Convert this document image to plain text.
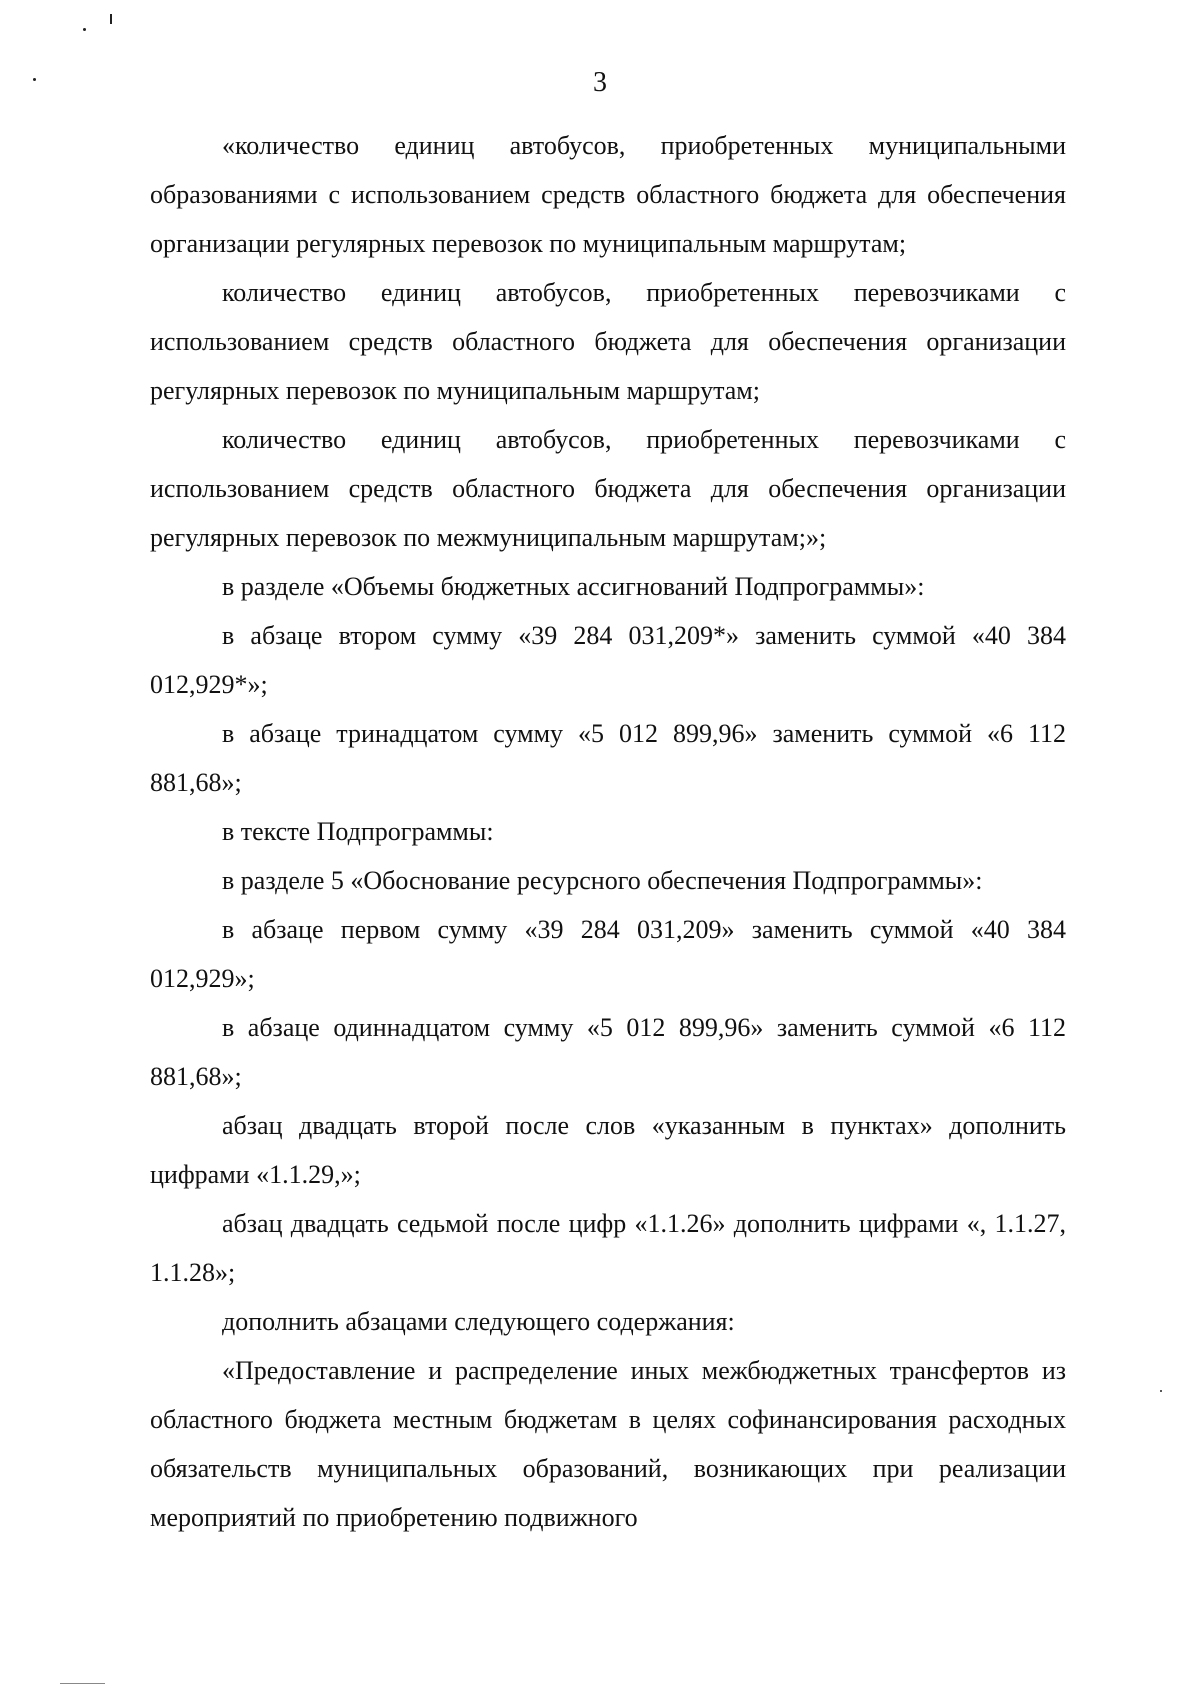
3

«количество единиц автобусов, приобретенных муниципальными образованиями с использованием средств областного бюджета для обеспечения организации регулярных перевозок по муниципальным маршрутам;

количество единиц автобусов, приобретенных перевозчиками с использованием средств областного бюджета для обеспечения организации регулярных перевозок по муниципальным маршрутам;

количество единиц автобусов, приобретенных перевозчиками с использованием средств областного бюджета для обеспечения организации регулярных перевозок по межмуниципальным маршрутам;»;

в разделе «Объемы бюджетных ассигнований Подпрограммы»:

в абзаце втором сумму «39 284 031,209*» заменить суммой «40 384 012,929*»;

в абзаце тринадцатом сумму «5 012 899,96» заменить суммой «6 112 881,68»;

в тексте Подпрограммы:

в разделе 5 «Обоснование ресурсного обеспечения Подпрограммы»:

в абзаце первом сумму «39 284 031,209» заменить суммой «40 384 012,929»;

в абзаце одиннадцатом сумму «5 012 899,96» заменить суммой «6 112 881,68»;

абзац двадцать второй после слов «указанным в пунктах» дополнить цифрами «1.1.29,»;

абзац двадцать седьмой после цифр «1.1.26» дополнить цифрами «, 1.1.27, 1.1.28»;

дополнить абзацами следующего содержания:

«Предоставление и распределение иных межбюджетных трансфертов из областного бюджета местным бюджетам в целях софинансирования расходных обязательств муниципальных образований, возникающих при реализации мероприятий по приобретению подвижного
